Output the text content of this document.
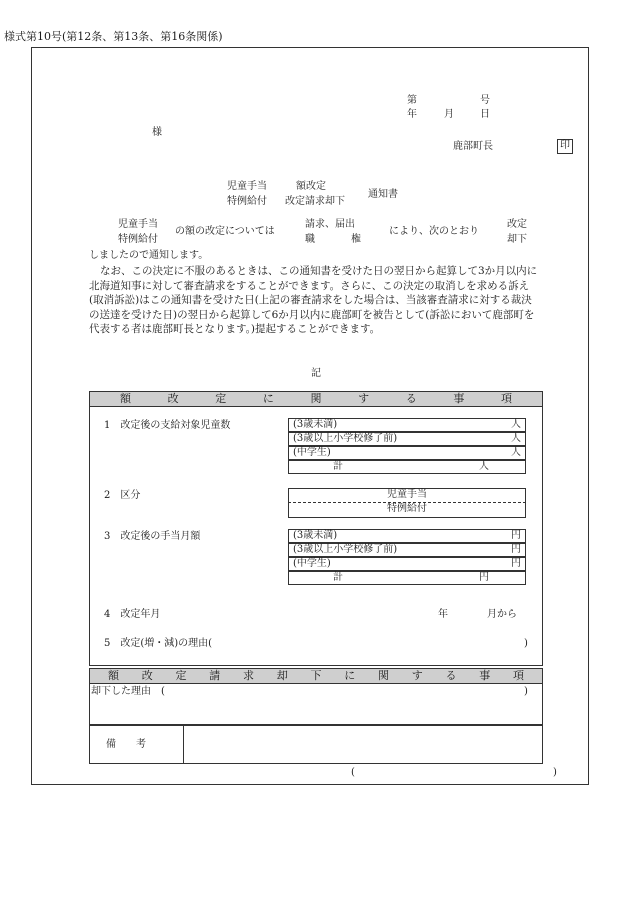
様式第10号(第12条、第13条、第16条関係)
第	号
年	月	日
様
鹿部町長	印
児童手当
特例給付
額改定
改定請求却下
通知書
児童手当
特例給付
の額の改定については
請求、届出
職	権
により、次のとおり
改定
却下
しましたので通知します。
なお、この決定に不服のあるときは、この通知書を受けた日の翌日から起算して3か月以内に北海道知事に対して審査請求をすることができます。さらに、この決定の取消しを求める訴え(取消訴訟)はこの通知書を受けた日(上記の審査請求をした場合は、当該審査請求に対する裁決の送達を受けた日)の翌日から起算して6か月以内に鹿部町を被告として(訴訟において鹿部町を代表する者は鹿部町長となります。)提起することができます。
記
額	改	定	に	関	す	る	事	項
1　改定後の支給対象児童数	(3歳未満)	人
(3歳以上小学校修了前)	人
(中学生)	人
計	人
2　区分	児童手当
特例給付
3　改定後の手当月額	(3歳未満)	円
(3歳以上小学校修了前)	円
(中学生)	円
計	円
4　改定年月	年	月から
5　改定(増・減)の理由(	)
額 改 定 請 求 却 下 に 関 す る 事 項
却下した理由　(	)
備　　考
(	)
